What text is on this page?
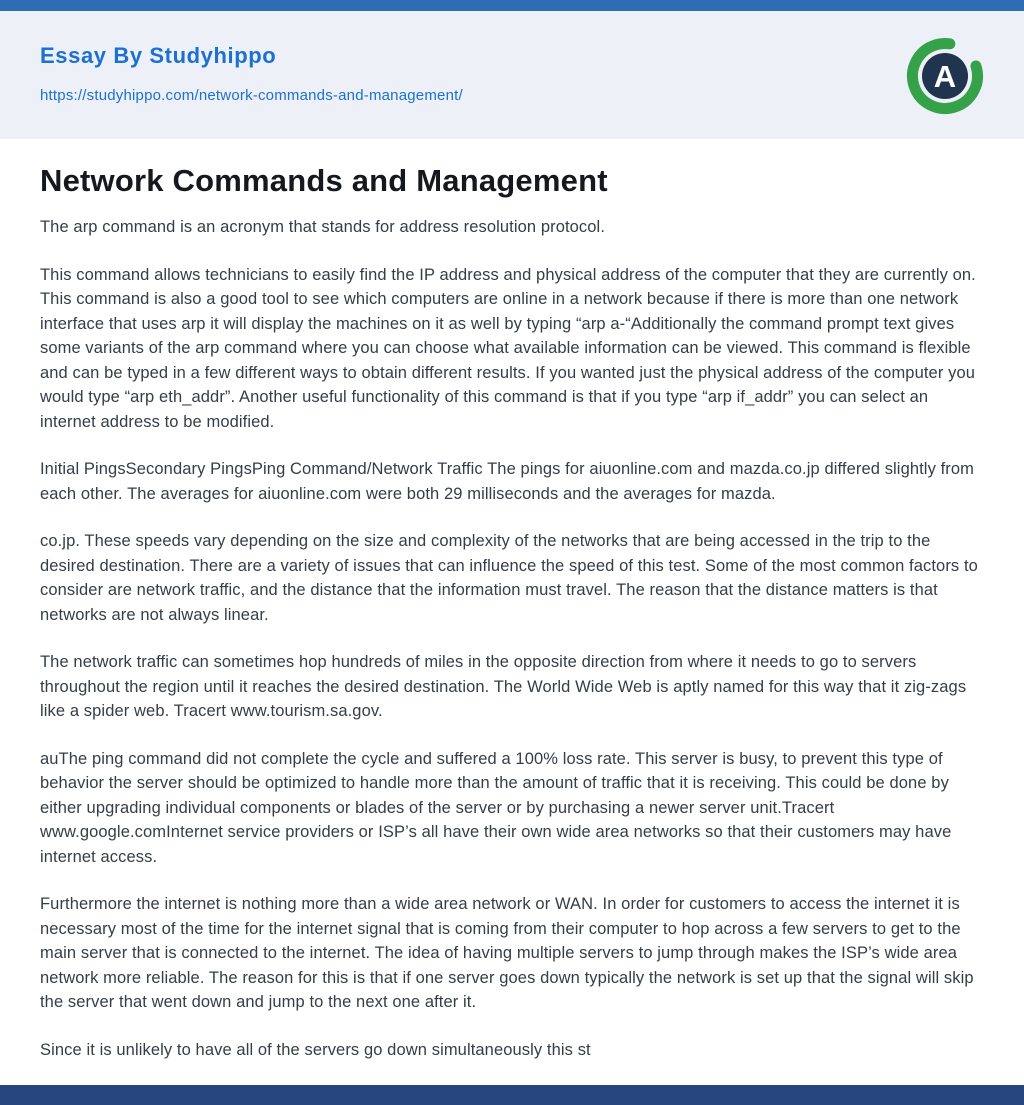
Essay By Studyhippo
https://studyhippo.com/network-commands-and-management/
A
Network Commands and Management

The arp command is an acronym that stands for address resolution protocol.

This command allows technicians to easily find the IP address and physical address of the computer that they are currently on. This command is also a good tool to see which computers are online in a network because if there is more than one network interface that uses arp it will display the machines on it as well by typing “arp a-“Additionally the command prompt text gives some variants of the arp command where you can choose what available information can be viewed. This command is flexible and can be typed in a few different ways to obtain different results. If you wanted just the physical address of the computer you would type “arp eth_addr”. Another useful functionality of this command is that if you type “arp if_addr” you can select an internet address to be modified.

Initial PingsSecondary PingsPing Command/Network Traffic The pings for aiuonline.com and mazda.co.jp differed slightly from each other. The averages for aiuonline.com were both 29 milliseconds and the averages for mazda.

co.jp. These speeds vary depending on the size and complexity of the networks that are being accessed in the trip to the desired destination. There are a variety of issues that can influence the speed of this test. Some of the most common factors to consider are network traffic, and the distance that the information must travel. The reason that the distance matters is that networks are not always linear.

The network traffic can sometimes hop hundreds of miles in the opposite direction from where it needs to go to servers throughout the region until it reaches the desired destination. The World Wide Web is aptly named for this way that it zig-zags like a spider web. Tracert www.tourism.sa.gov.

auThe ping command did not complete the cycle and suffered a 100% loss rate. This server is busy, to prevent this type of behavior the server should be optimized to handle more than the amount of traffic that it is receiving. This could be done by either upgrading individual components or blades of the server or by purchasing a newer server unit.Tracert www.google.comInternet service providers or ISP’s all have their own wide area networks so that their customers may have internet access.

Furthermore the internet is nothing more than a wide area network or WAN. In order for customers to access the internet it is necessary most of the time for the internet signal that is coming from their computer to hop across a few servers to get to the main server that is connected to the internet. The idea of having multiple servers to jump through makes the ISP’s wide area network more reliable. The reason for this is that if one server goes down typically the network is set up that the signal will skip the server that went down and jump to the next one after it.

Since it is unlikely to have all of the servers go down simultaneously this st
